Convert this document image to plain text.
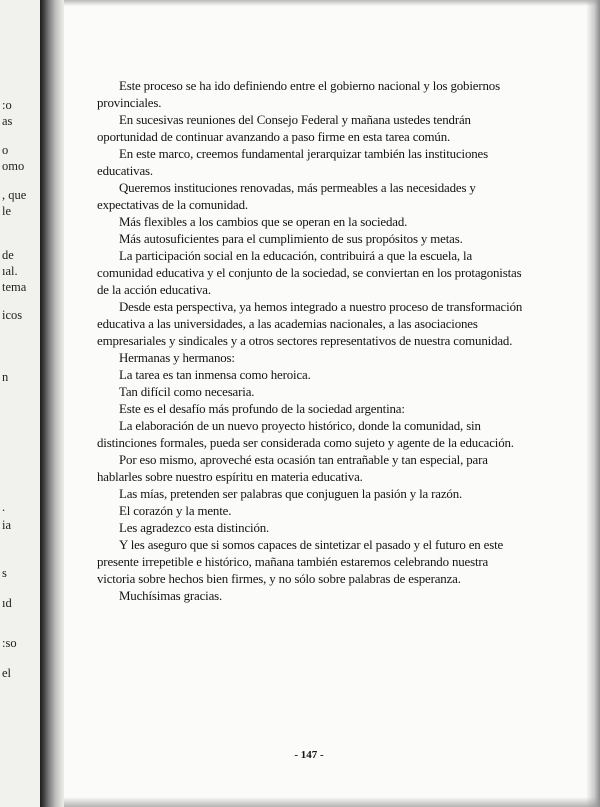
:o
as
o
omo
, que
le
de
ıal.
tema
icos
n
.
ia
s
ıd
:so
el

Este proceso se ha ido definiendo entre el gobierno nacional y los gobiernos

provinciales.

En sucesivas reuniones del Consejo Federal y mañana ustedes tendrán

oportunidad de continuar avanzando a paso firme en esta tarea común.

En este marco, creemos fundamental jerarquizar también las instituciones

educativas.

Queremos instituciones renovadas, más permeables a las necesidades y

expectativas de la comunidad.

Más flexibles a los cambios que se operan en la sociedad.

Más autosuficientes para el cumplimiento de sus propósitos y metas.

La participación social en la educación, contribuirá a que la escuela, la

comunidad educativa y el conjunto de la sociedad, se conviertan en los protagonistas

de la acción educativa.

Desde esta perspectiva, ya hemos integrado a nuestro proceso de transformación

educativa a las universidades, a las academias nacionales, a las asociaciones

empresariales y sindicales y a otros sectores representativos de nuestra comunidad.

Hermanas y hermanos:

La tarea es tan inmensa como heroica.

Tan difícil como necesaria.

Este es el desafío más profundo de la sociedad argentina:

La elaboración de un nuevo proyecto histórico, donde la comunidad, sin

distinciones formales, pueda ser considerada como sujeto y agente de la educación.

Por eso mismo, aproveché esta ocasión tan entrañable y tan especial, para

hablarles sobre nuestro espíritu en materia educativa.

Las mías, pretenden ser palabras que conjuguen la pasión y la razón.

El corazón y la mente.

Les agradezco esta distinción.

Y les aseguro que si somos capaces de sintetizar el pasado y el futuro en este

presente irrepetible e histórico, mañana también estaremos celebrando nuestra

victoria sobre hechos bien firmes, y no sólo sobre palabras de esperanza.

Muchísimas gracias.

- 147 -
